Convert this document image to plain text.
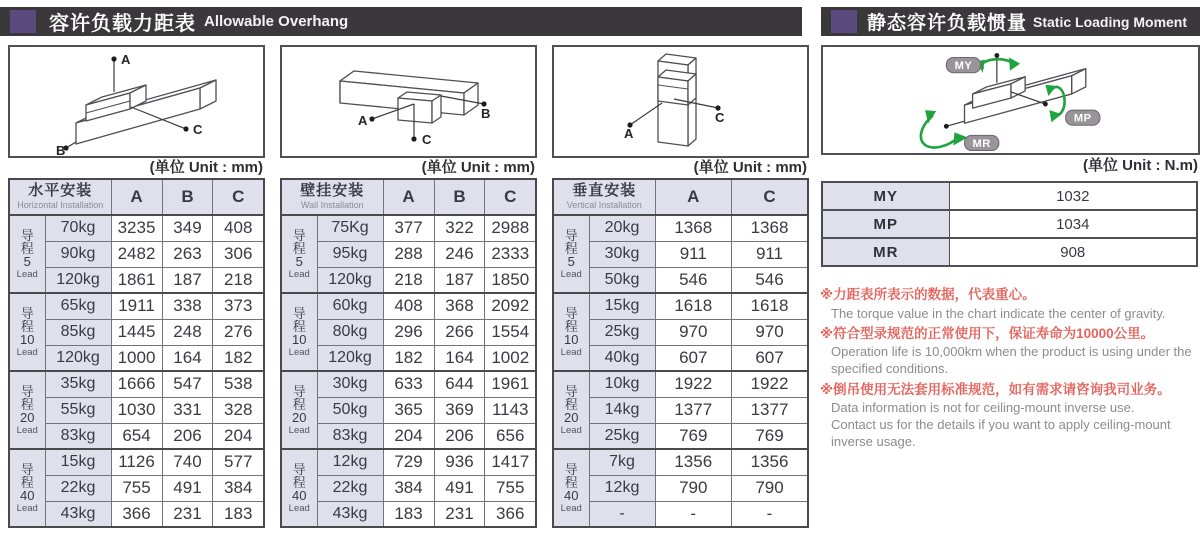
容许负载力距表 Allowable Overhang	静态容许负载惯量 Static Loading Moment
A
C
B
(单位 Unit : mm)
水平安装
Horizontal Installation		A	B	C

导
程
5
Lead	70kg	3235	349	408
	90kg	2482	263	306
	120kg	1861	187	218

导
程
10
Lead	65kg	1911	338	373
	85kg	1445	248	276
	120kg	1000	164	182

导
程
20
Lead	35kg	1666	547	538
	55kg	1030	331	328
	83kg	654	206	204

导
程
40
Lead	15kg	1126	740	577
	22kg	755	491	384
	43kg	366	231	183
B
A
C
(单位 Unit : mm)
壁挂安装
Wall Installation		A	B	C

导
程
5
Lead	75Kg	377	322	2988
	95kg	288	246	2333
	120kg	218	187	1850

导
程
10
Lead	60kg	408	368	2092
	80kg	296	266	1554
	120kg	182	164	1002

导
程
20
Lead	30kg	633	644	1961
	50kg	365	369	1143
	83kg	204	206	656

导
程
40
Lead	12kg	729	936	1417
	22kg	384	491	755
	43kg	183	231	366
A
C
(单位 Unit : mm)
垂直安装
Vertical Installation		A	C

导
程
5
Lead	20kg	1368	1368
	30kg	911	911
	50kg	546	546

导
程
10
Lead	15kg	1618	1618
	25kg	970	970
	40kg	607	607

导
程
20
Lead	10kg	1922	1922
	14kg	1377	1377
	25kg	769	769

导
程
40
Lead	7kg	1356	1356
	12kg	790	790
	-	-	-
MY
MP
MR
(单位 Unit : N.m)
MY	1032
MP	1034
MR	908
※力距表所表示的数据，代表重心。
The torque value in the chart indicate the center of gravity.
※符合型录规范的正常使用下，保证寿命为10000公里。
Operation life is 10,000km when the product is using under the
specified conditions.
※倒吊使用无法套用标准规范，如有需求请咨询我司业务。
Data information is not for ceiling-mount inverse use.
Contact us for the details if you want to apply ceiling-mount
inverse usage.
